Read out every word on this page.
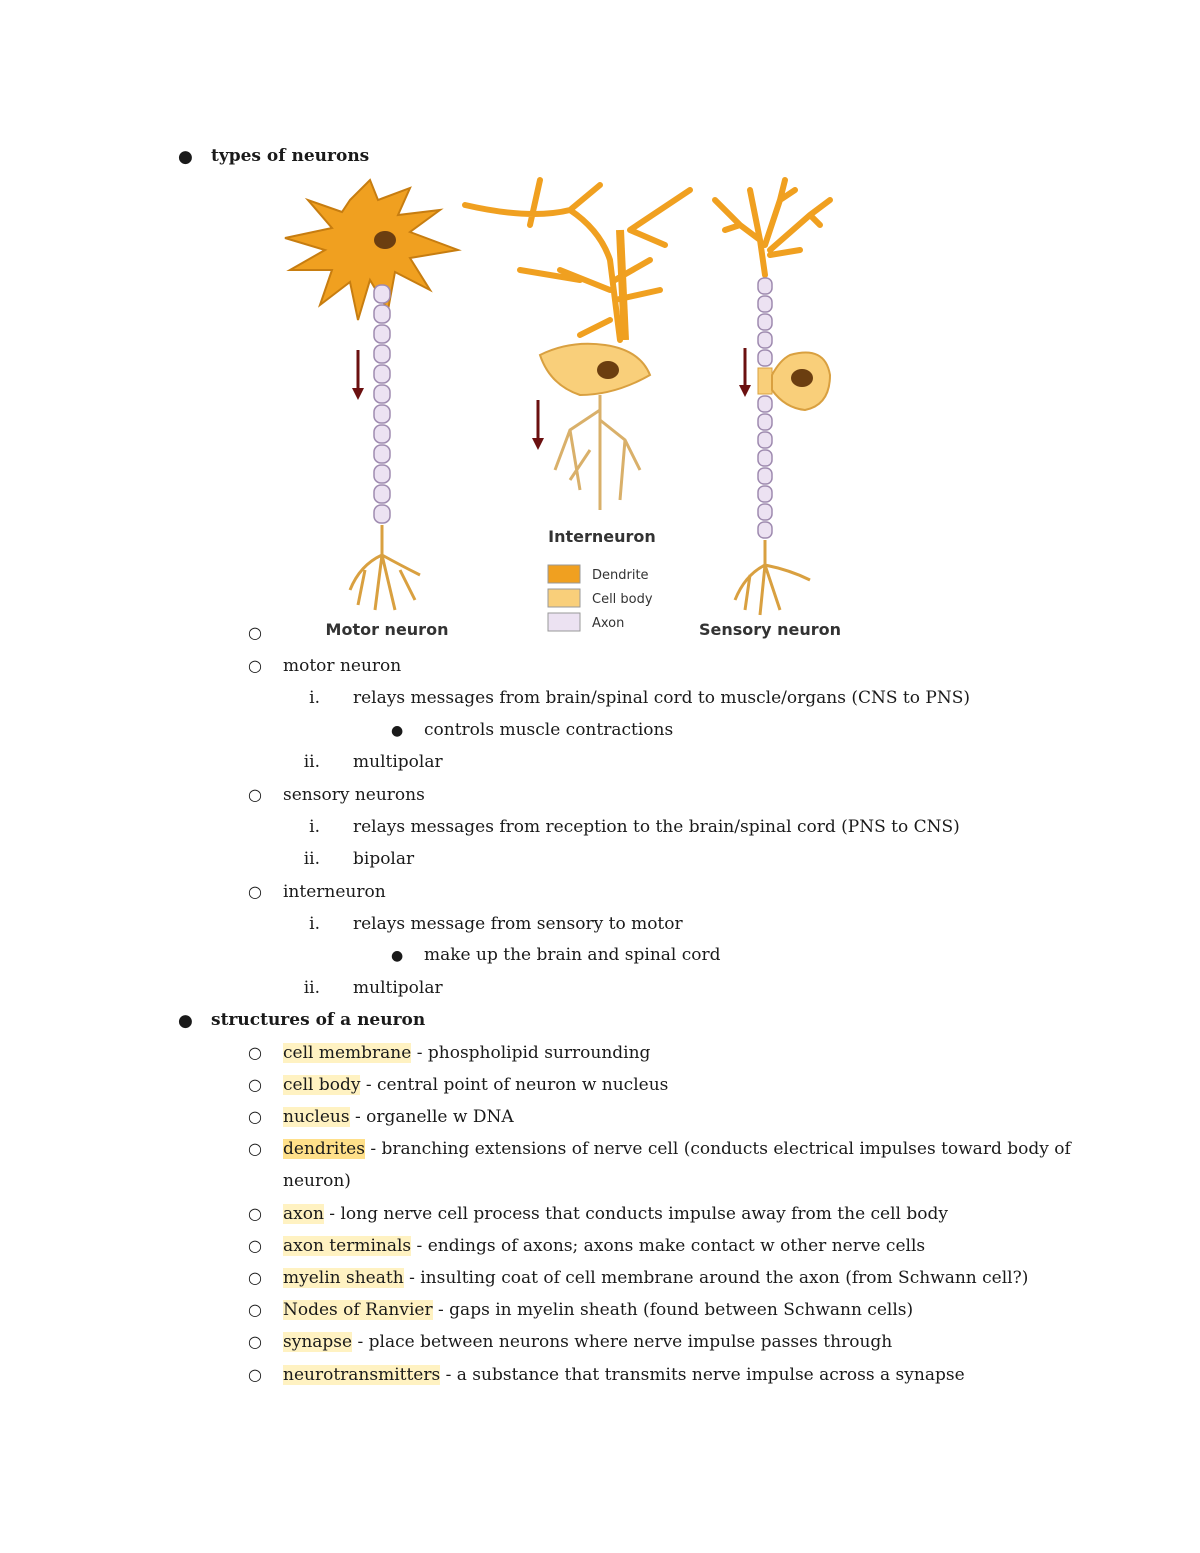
● types of neurons
Interneuron
Dendrite
Cell body
Axon
Motor neuron	Sensory neuron
○
○ motor neuron
i. relays messages from brain/spinal cord to muscle/organs (CNS to PNS)
● controls muscle contractions
ii. multipolar
○ sensory neurons
i. relays messages from reception to the brain/spinal cord (PNS to CNS)
ii. bipolar
○ interneuron
i. relays message from sensory to motor
● make up the brain and spinal cord
ii. multipolar
● structures of a neuron
○ cell membrane - phospholipid surrounding
○ cell body - central point of neuron w nucleus
○ nucleus - organelle w DNA
○ dendrites - branching extensions of nerve cell (conducts electrical impulses toward body of
neuron)
○ axon - long nerve cell process that conducts impulse away from the cell body
○ axon terminals - endings of axons; axons make contact w other nerve cells
○ myelin sheath - insulting coat of cell membrane around the axon (from Schwann cell?)
○ Nodes of Ranvier - gaps in myelin sheath (found between Schwann cells)
○ synapse - place between neurons where nerve impulse passes through
○ neurotransmitters - a substance that transmits nerve impulse across a synapse
